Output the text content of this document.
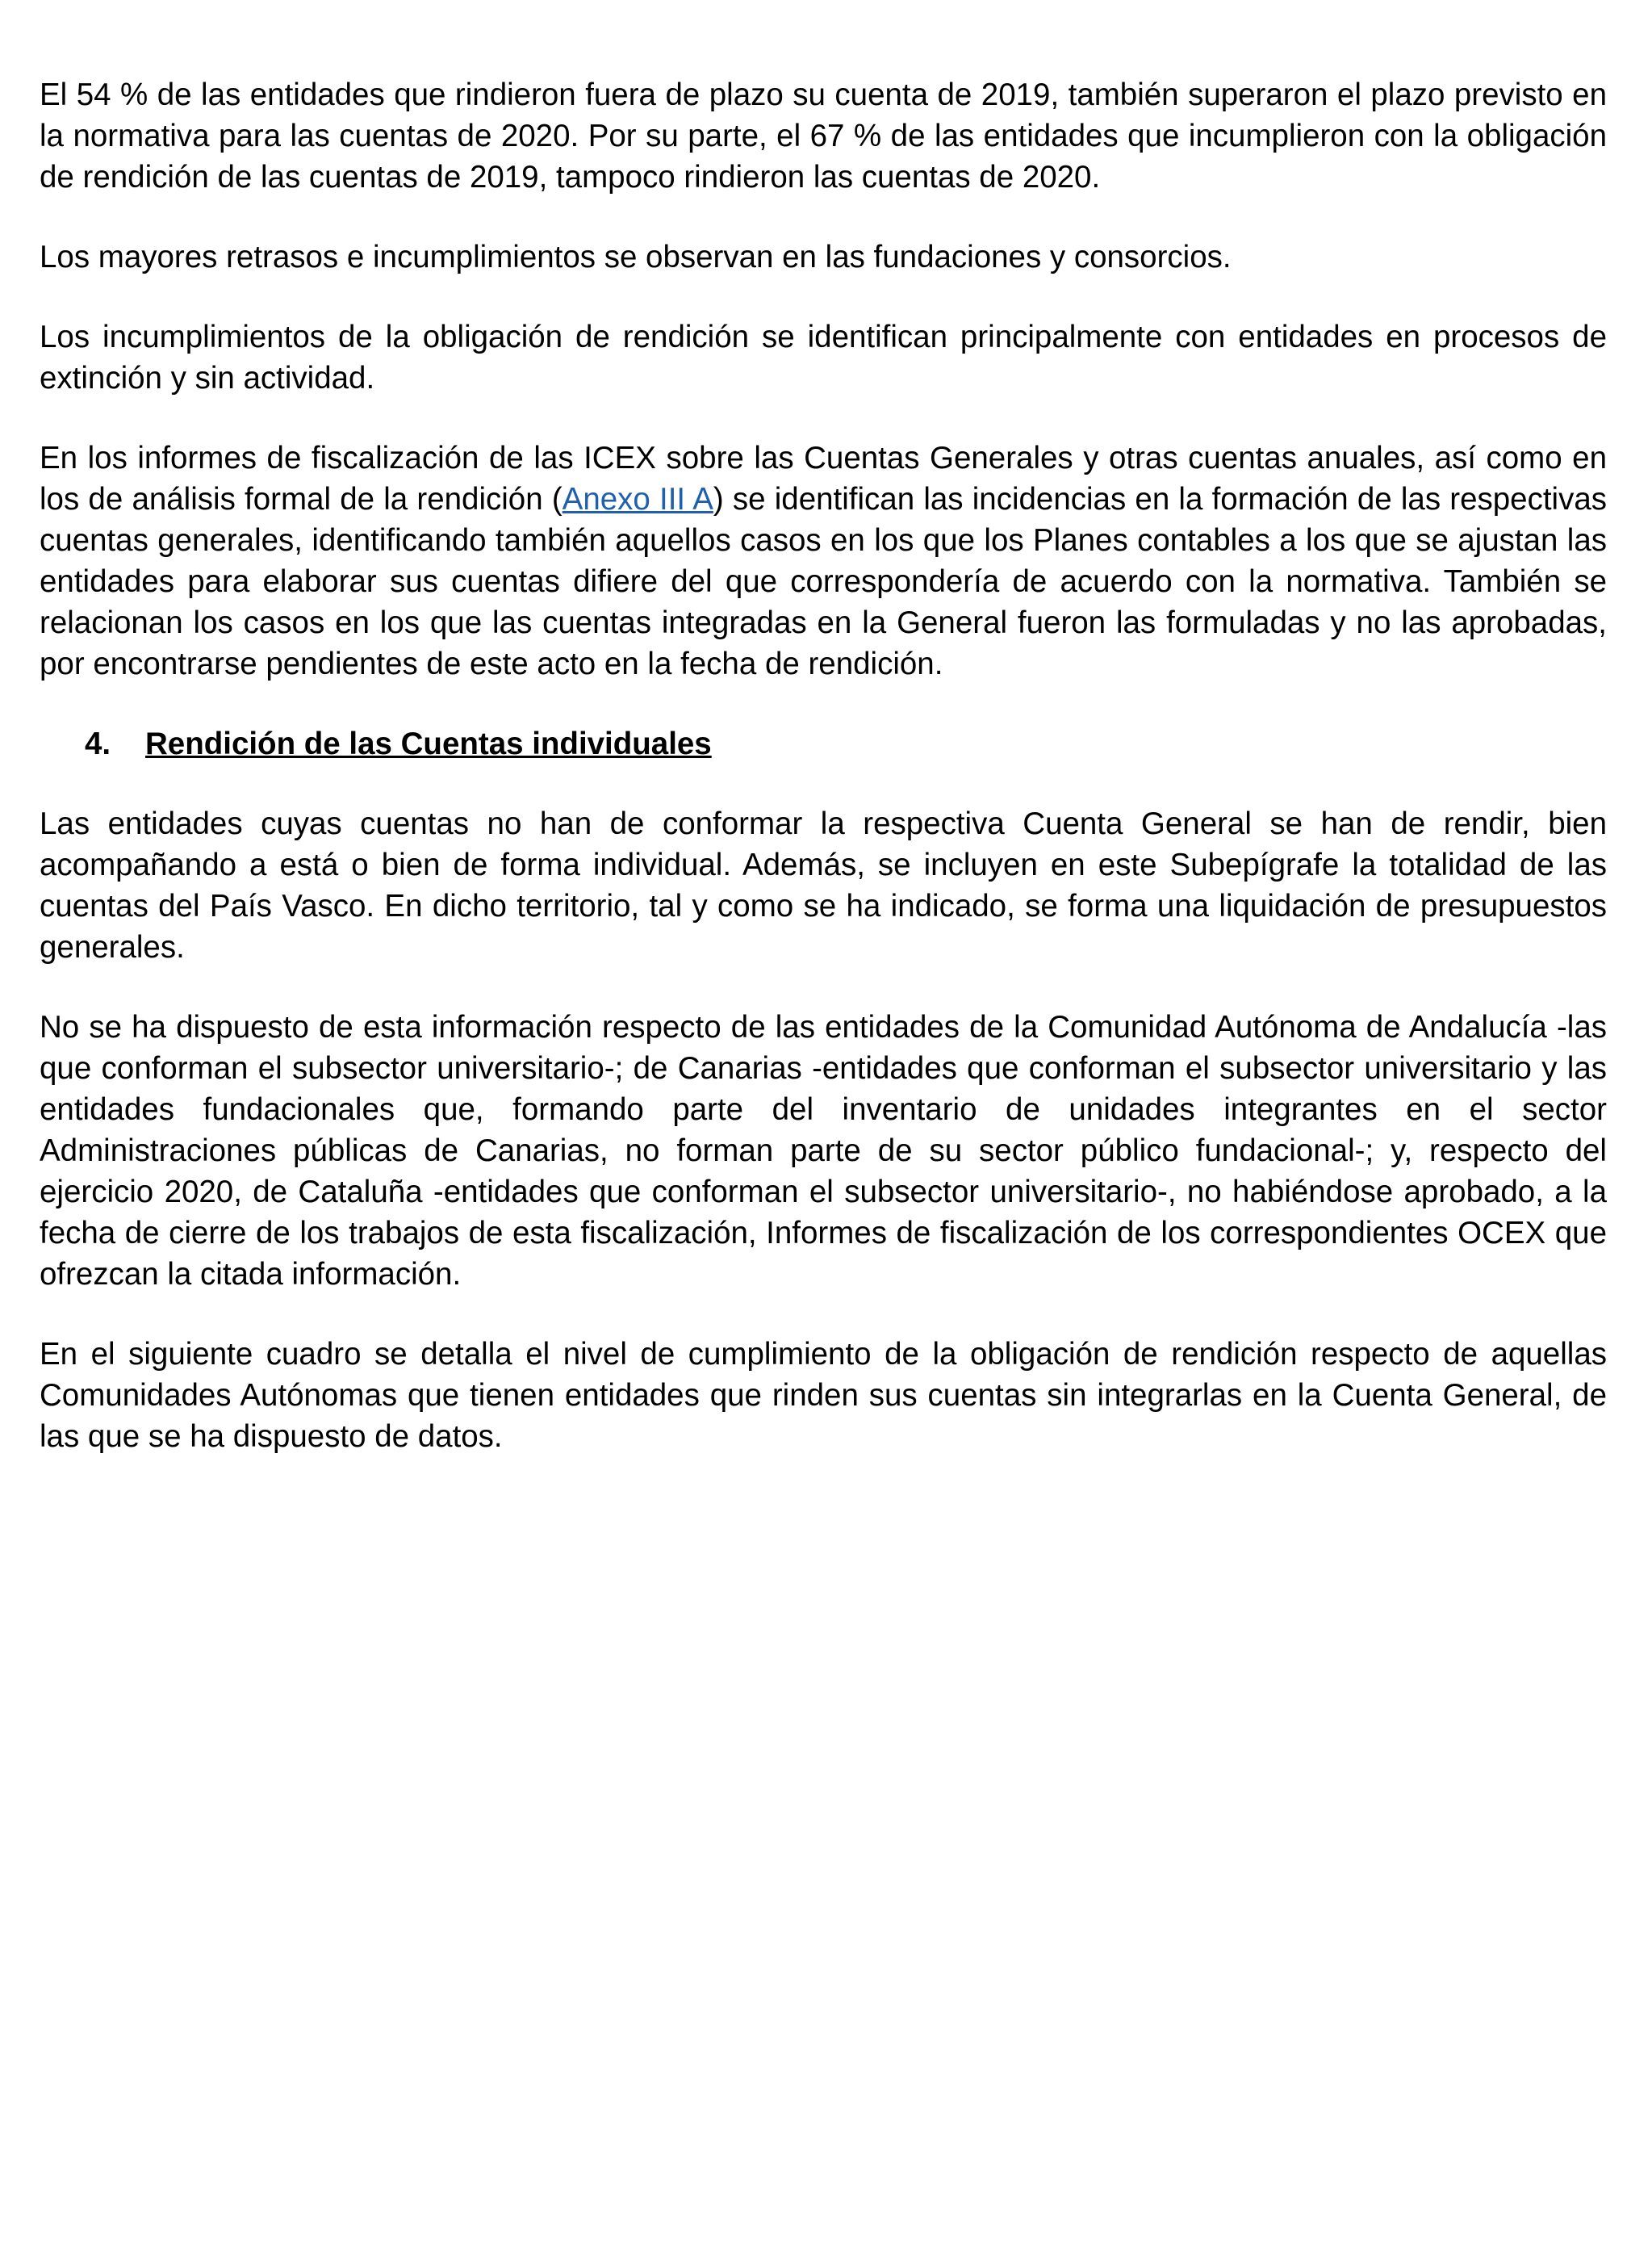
El 54 % de las entidades que rindieron fuera de plazo su cuenta de 2019, también superaron el plazo previsto en la normativa para las cuentas de 2020. Por su parte, el 67 % de las entidades que incumplieron con la obligación de rendición de las cuentas de 2019, tampoco rindieron las cuentas de 2020.

Los mayores retrasos e incumplimientos se observan en las fundaciones y consorcios.

Los incumplimientos de la obligación de rendición se identifican principalmente con entidades en procesos de extinción y sin actividad.

En los informes de fiscalización de las ICEX sobre las Cuentas Generales y otras cuentas anuales, así como en los de análisis formal de la rendición (Anexo III A) se identifican las incidencias en la formación de las respectivas cuentas generales, identificando también aquellos casos en los que los Planes contables a los que se ajustan las entidades para elaborar sus cuentas difiere del que correspondería de acuerdo con la normativa. También se relacionan los casos en los que las cuentas integradas en la General fueron las formuladas y no las aprobadas, por encontrarse pendientes de este acto en la fecha de rendición.

4.	Rendición de las Cuentas individuales

Las entidades cuyas cuentas no han de conformar la respectiva Cuenta General se han de rendir, bien acompañando a está o bien de forma individual. Además, se incluyen en este Subepígrafe la totalidad de las cuentas del País Vasco. En dicho territorio, tal y como se ha indicado, se forma una liquidación de presupuestos generales.

No se ha dispuesto de esta información respecto de las entidades de la Comunidad Autónoma de Andalucía -las que conforman el subsector universitario-; de Canarias -entidades que conforman el subsector universitario y las entidades fundacionales que, formando parte del inventario de unidades integrantes en el sector Administraciones públicas de Canarias, no forman parte de su sector público fundacional-; y, respecto del ejercicio 2020, de Cataluña -entidades que conforman el subsector universitario-, no habiéndose aprobado, a la fecha de cierre de los trabajos de esta fiscalización, Informes de fiscalización de los correspondientes OCEX que ofrezcan la citada información.

En el siguiente cuadro se detalla el nivel de cumplimiento de la obligación de rendición respecto de aquellas Comunidades Autónomas que tienen entidades que rinden sus cuentas sin integrarlas en la Cuenta General, de las que se ha dispuesto de datos.
